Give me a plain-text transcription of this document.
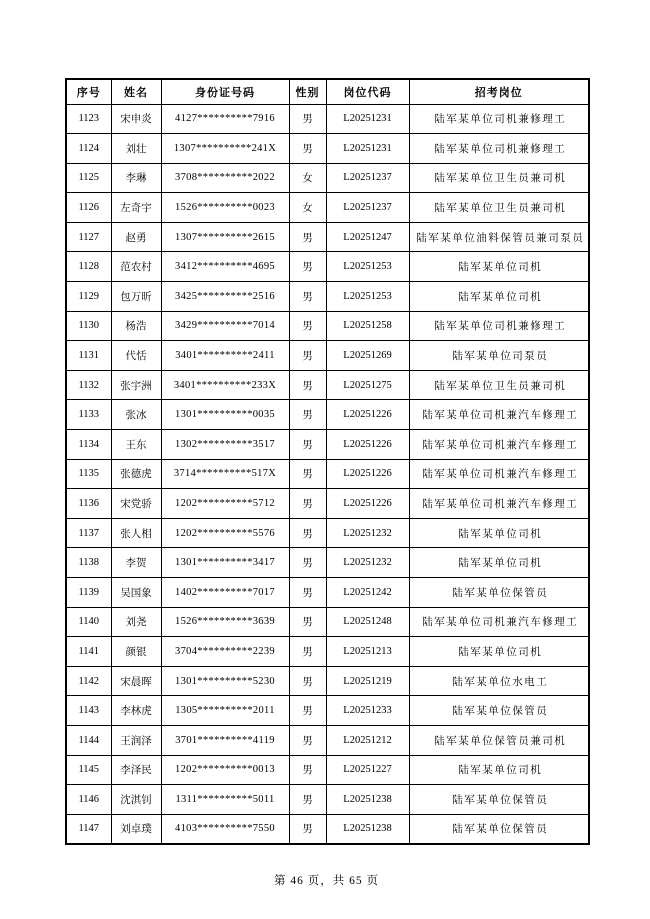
序号	姓名	身份证号码	性别	岗位代码	招考岗位
1123	宋申炎	4127**********7916	男	L20251231	陆军某单位司机兼修理工
1124	刘壮	1307**********241X	男	L20251231	陆军某单位司机兼修理工
1125	李琳	3708**********2022	女	L20251237	陆军某单位卫生员兼司机
1126	左奇宇	1526**********0023	女	L20251237	陆军某单位卫生员兼司机
1127	赵勇	1307**********2615	男	L20251247	陆军某单位油料保管员兼司泵员
1128	范农村	3412**********4695	男	L20251253	陆军某单位司机
1129	包万昕	3425**********2516	男	L20251253	陆军某单位司机
1130	杨浩	3429**********7014	男	L20251258	陆军某单位司机兼修理工
1131	代恬	3401**********2411	男	L20251269	陆军某单位司泵员
1132	张宇洲	3401**********233X	男	L20251275	陆军某单位卫生员兼司机
1133	张冰	1301**********0035	男	L20251226	陆军某单位司机兼汽车修理工
1134	王东	1302**********3517	男	L20251226	陆军某单位司机兼汽车修理工
1135	张德虎	3714**********517X	男	L20251226	陆军某单位司机兼汽车修理工
1136	宋党骄	1202**********5712	男	L20251226	陆军某单位司机兼汽车修理工
1137	张人相	1202**********5576	男	L20251232	陆军某单位司机
1138	李贺	1301**********3417	男	L20251232	陆军某单位司机
1139	吴国象	1402**********7017	男	L20251242	陆军某单位保管员
1140	刘尧	1526**********3639	男	L20251248	陆军某单位司机兼汽车修理工
1141	颜银	3704**********2239	男	L20251213	陆军某单位司机
1142	宋晨晖	1301**********5230	男	L20251219	陆军某单位水电工
1143	李林虎	1305**********2011	男	L20251233	陆军某单位保管员
1144	王润泽	3701**********4119	男	L20251212	陆军某单位保管员兼司机
1145	李泽民	1202**********0013	男	L20251227	陆军某单位司机
1146	沈淇钊	1311**********5011	男	L20251238	陆军某单位保管员
1147	刘卓璞	4103**********7550	男	L20251238	陆军某单位保管员
第 46 页，共 65 页
